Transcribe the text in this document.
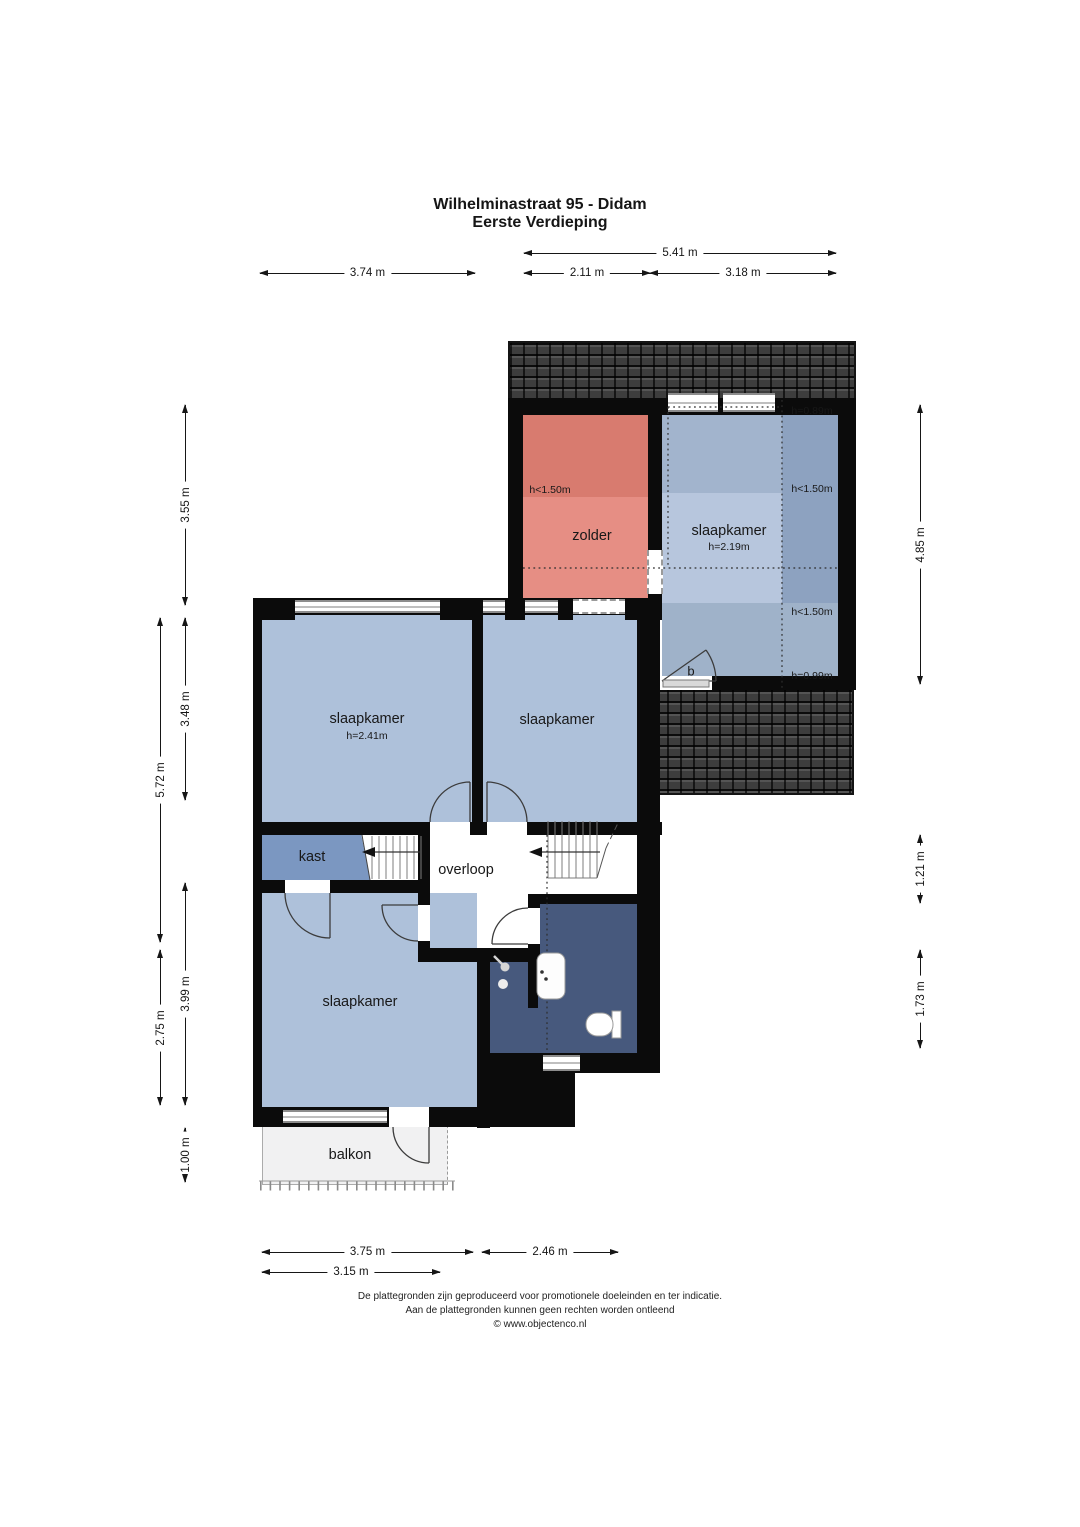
Wilhelminastraat 95 - Didam
Eerste Verdieping
zolder
h<1.50m
slaapkamer
h=2.19m
h=0.89m
h<1.50m
h<1.50m
h=0.99m
b
slaapkamer
h=2.41m
slaapkamer
kast
overloop
slaapkamer
balkon
5.41 m
3.74 m	2.11 m	3.18 m
3.55 m
3.48 m
5.72 m
3.99 m
2.75 m
1.00 m
4.85 m
1.21 m
1.73 m
3.75 m	2.46 m
3.15 m
De plattegronden zijn geproduceerd voor promotionele doeleinden en ter indicatie.
Aan de plattegronden kunnen geen rechten worden ontleend
© www.objectenco.nl
